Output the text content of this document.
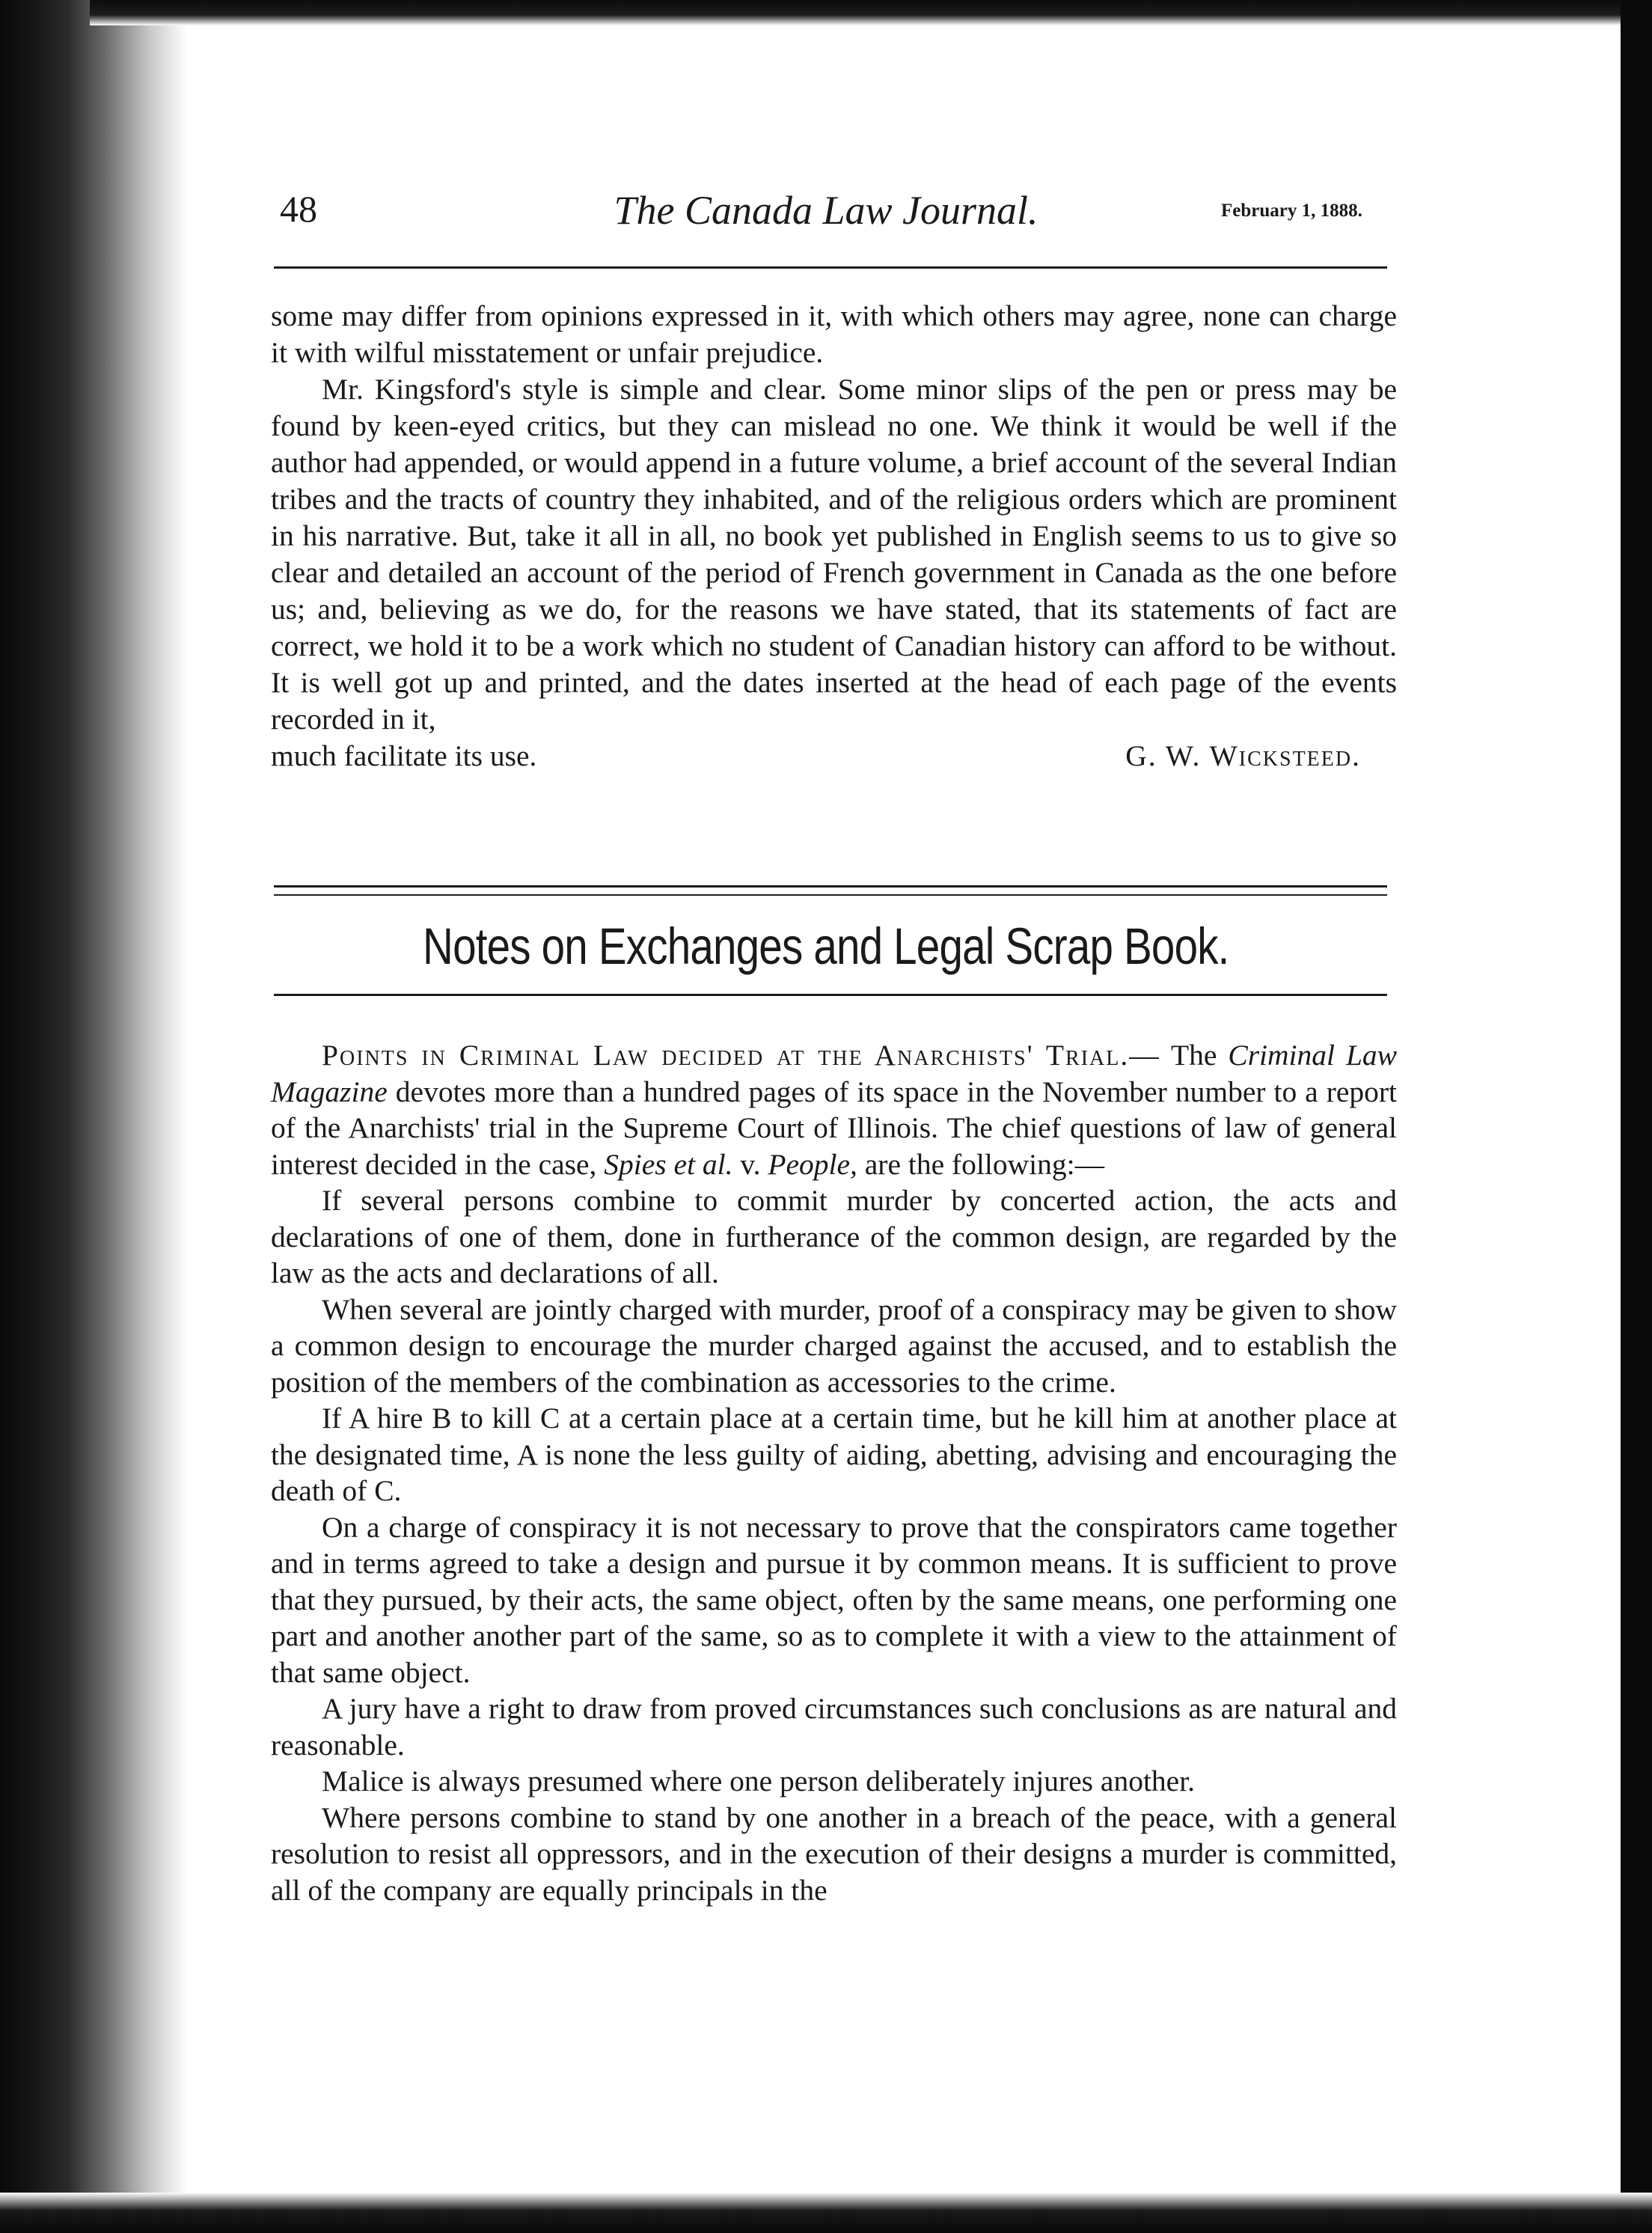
48	The Canada Law Journal.	February 1, 1888.

some may differ from opinions expressed in it, with which others may agree, none can charge it with wilful misstatement or unfair prejudice.

Mr. Kingsford's style is simple and clear. Some minor slips of the pen or press may be found by keen-eyed critics, but they can mislead no one. We think it would be well if the author had appended, or would append in a future volume, a brief account of the several Indian tribes and the tracts of country they inhabited, and of the religious orders which are prominent in his narrative. But, take it all in all, no book yet published in English seems to us to give so clear and detailed an account of the period of French government in Canada as the one before us; and, believing as we do, for the reasons we have stated, that its statements of fact are correct, we hold it to be a work which no student of Canadian history can afford to be without. It is well got up and printed, and the dates inserted at the head of each page of the events recorded in it,

much facilitate its use.	G. W. Wicksteed.

Notes on Exchanges and Legal Scrap Book.

Points in Criminal Law decided at the Anarchists' Trial.— The Criminal Law Magazine devotes more than a hundred pages of its space in the November number to a report of the Anarchists' trial in the Supreme Court of Illinois. The chief questions of law of general interest decided in the case, Spies et al. v. People, are the following:—

If several persons combine to commit murder by concerted action, the acts and declarations of one of them, done in furtherance of the common design, are regarded by the law as the acts and declarations of all.

When several are jointly charged with murder, proof of a conspiracy may be given to show a common design to encourage the murder charged against the accused, and to establish the position of the members of the combination as accessories to the crime.

If A hire B to kill C at a certain place at a certain time, but he kill him at another place at the designated time, A is none the less guilty of aiding, abetting, advising and encouraging the death of C.

On a charge of conspiracy it is not necessary to prove that the conspirators came together and in terms agreed to take a design and pursue it by common means. It is sufficient to prove that they pursued, by their acts, the same object, often by the same means, one performing one part and another another part of the same, so as to complete it with a view to the attainment of that same object.

A jury have a right to draw from proved circumstances such conclusions as are natural and reasonable.

Malice is always presumed where one person deliberately injures another.

Where persons combine to stand by one another in a breach of the peace, with a general resolution to resist all oppressors, and in the execution of their designs a murder is committed, all of the company are equally principals in the
